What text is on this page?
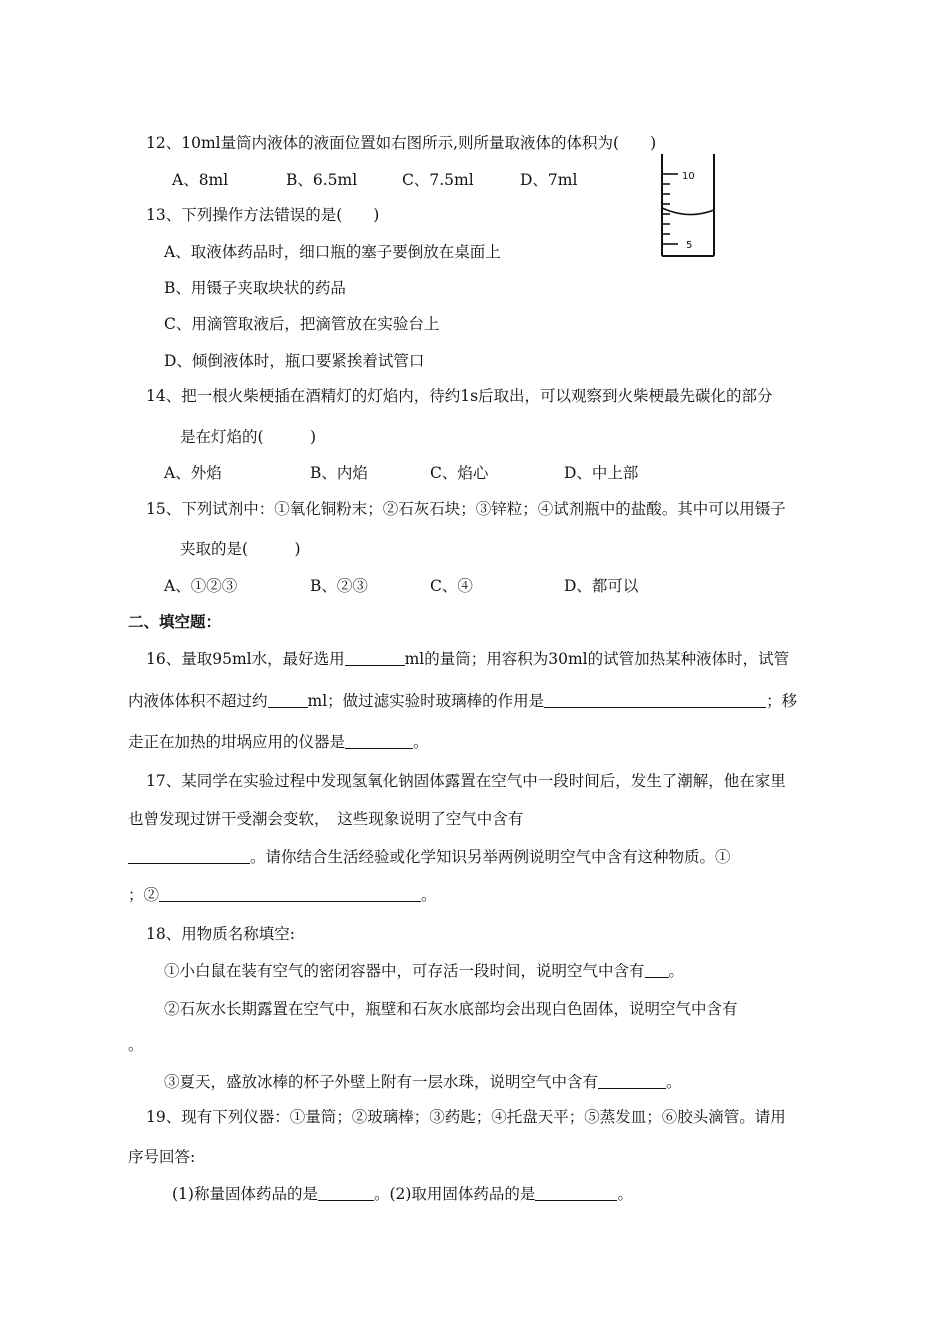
12、10ml量筒内液体的液面位置如右图所示,则所量取液体的体积为(　　)
A、8ml	B、6.5ml	C、7.5ml	D、7ml	10
5
13、下列操作方法错误的是(　　)
A、取液体药品时，细口瓶的塞子要倒放在桌面上
B、用镊子夹取块状的药品
C、用滴管取液后，把滴管放在实验台上
D、倾倒液体时，瓶口要紧挨着试管口
14、把一根火柴梗插在酒精灯的灯焰内，待约1s后取出，可以观察到火柴梗最先碳化的部分
是在灯焰的(　　　)
A、外焰	B、内焰	C、焰心	D、中上部
15、下列试剂中：①氧化铜粉末；②石灰石块；③锌粒；④试剂瓶中的盐酸。其中可以用镊子
夹取的是(　　　)
A、①②③	B、②③	C、④	D、都可以
二、填空题：
16、量取95ml水，最好选用	ml的量筒；用容积为30ml的试管加热某种液体时，试管
内液体体积不超过约	ml；做过滤实验时玻璃棒的作用是	；移
走正在加热的坩埚应用的仪器是	。
17、某同学在实验过程中发现氢氧化钠固体露置在空气中一段时间后，发生了潮解，他在家里
也曾发现过饼干受潮会变软，　这些现象说明了空气中含有
。请你结合生活经验或化学知识另举两例说明空气中含有这种物质。①
；②	。
18、用物质名称填空:
①小白鼠在装有空气的密闭容器中，可存活一段时间，说明空气中含有 。
②石灰水长期露置在空气中，瓶壁和石灰水底部均会出现白色固体，说明空气中含有
。
③夏天，盛放冰棒的杯子外壁上附有一层水珠，说明空气中含有	。
19、现有下列仪器：①量筒；②玻璃棒；③药匙；④托盘天平；⑤蒸发皿；⑥胶头滴管。请用
序号回答:
(1)称量固体药品的是	。(2)取用固体药品的是	。
